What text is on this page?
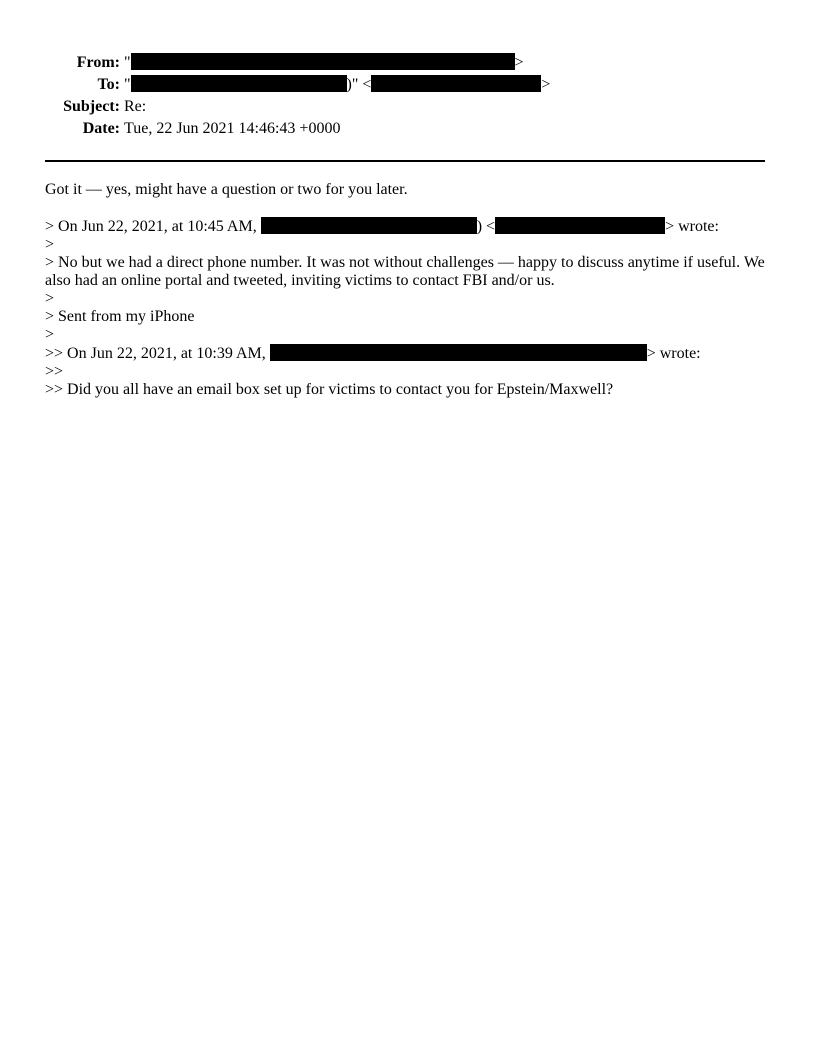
From: "	>
To: "	)" <	>
Subject: Re:
Date: Tue, 22 Jun 2021 14:46:43 +0000
Got it — yes, might have a question or two for you later.
> On Jun 22, 2021, at 10:45 AM,	) <	> wrote:
>
> No but we had a direct phone number. It was not without challenges — happy to discuss anytime if useful. We also had an online portal and tweeted, inviting victims to contact FBI and/or us.
>
> Sent from my iPhone
>
>> On Jun 22, 2021, at 10:39 AM,	> wrote:
>>
>> Did you all have an email box set up for victims to contact you for Epstein/Maxwell?
